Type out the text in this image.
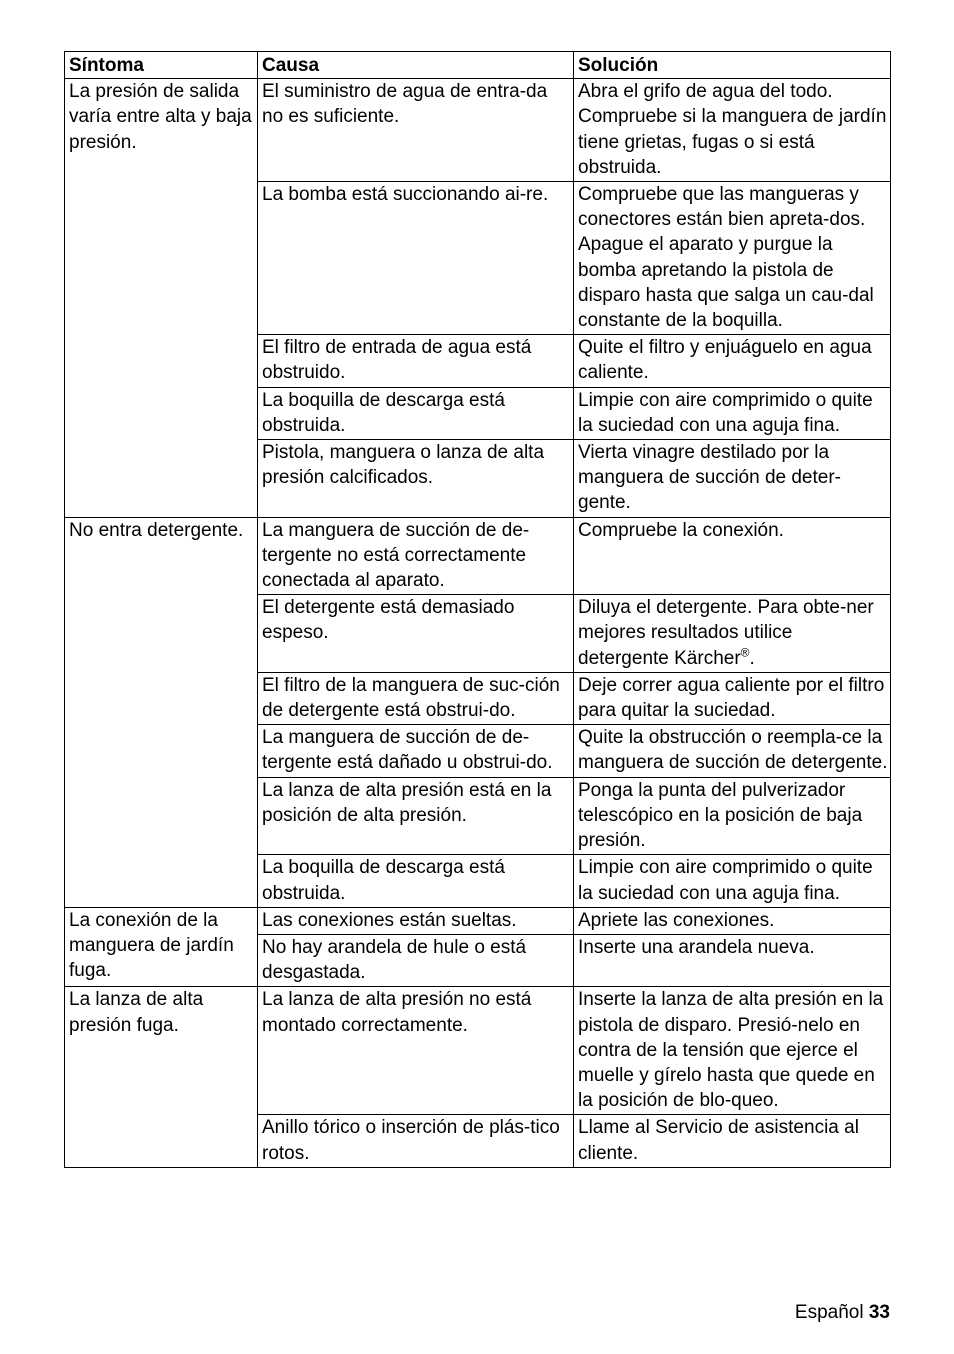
Síntoma	Causa	Solución
La presión de salida varía entre alta y baja presión.	El suministro de agua de entra-da no es suficiente.	Abra el grifo de agua del todo. Compruebe si la manguera de jardín tiene grietas, fugas o si está obstruida.
	La bomba está succionando ai-re.	Compruebe que las mangueras y conectores están bien apreta-dos. Apague el aparato y purgue la bomba apretando la pistola de disparo hasta que salga un cau-dal constante de la boquilla.
	El filtro de entrada de agua está obstruido.	Quite el filtro y enjuáguelo en agua caliente.
	La boquilla de descarga está obstruida.	Limpie con aire comprimido o quite la suciedad con una aguja fina.
	Pistola, manguera o lanza de alta presión calcificados.	Vierta vinagre destilado por la manguera de succión de deter-gente.
No entra detergente.	La manguera de succión de de-tergente no está correctamente conectada al aparato.	Compruebe la conexión.
	El detergente está demasiado espeso.	Diluya el detergente. Para obte-ner mejores resultados utilice detergente Kärcher®.
	El filtro de la manguera de suc-ción de detergente está obstrui-do.	Deje correr agua caliente por el filtro para quitar la suciedad.
	La manguera de succión de de-tergente está dañado u obstrui-do.	Quite la obstrucción o reempla-ce la manguera de succión de detergente.
	La lanza de alta presión está en la posición de alta presión.	Ponga la punta del pulverizador telescópico en la posición de baja presión.
	La boquilla de descarga está obstruida.	Limpie con aire comprimido o quite la suciedad con una aguja fina.
La conexión de la manguera de jardín fuga.	Las conexiones están sueltas.	Apriete las conexiones.
	No hay arandela de hule o está desgastada.	Inserte una arandela nueva.
La lanza de alta presión fuga.	La lanza de alta presión no está montado correctamente.	Inserte la lanza de alta presión en la pistola de disparo. Presió-nelo en contra de la tensión que ejerce el muelle y gírelo hasta que quede en la posición de blo-queo.
	Anillo tórico o inserción de plás-tico rotos.	Llame al Servicio de asistencia al cliente.
Español 33
